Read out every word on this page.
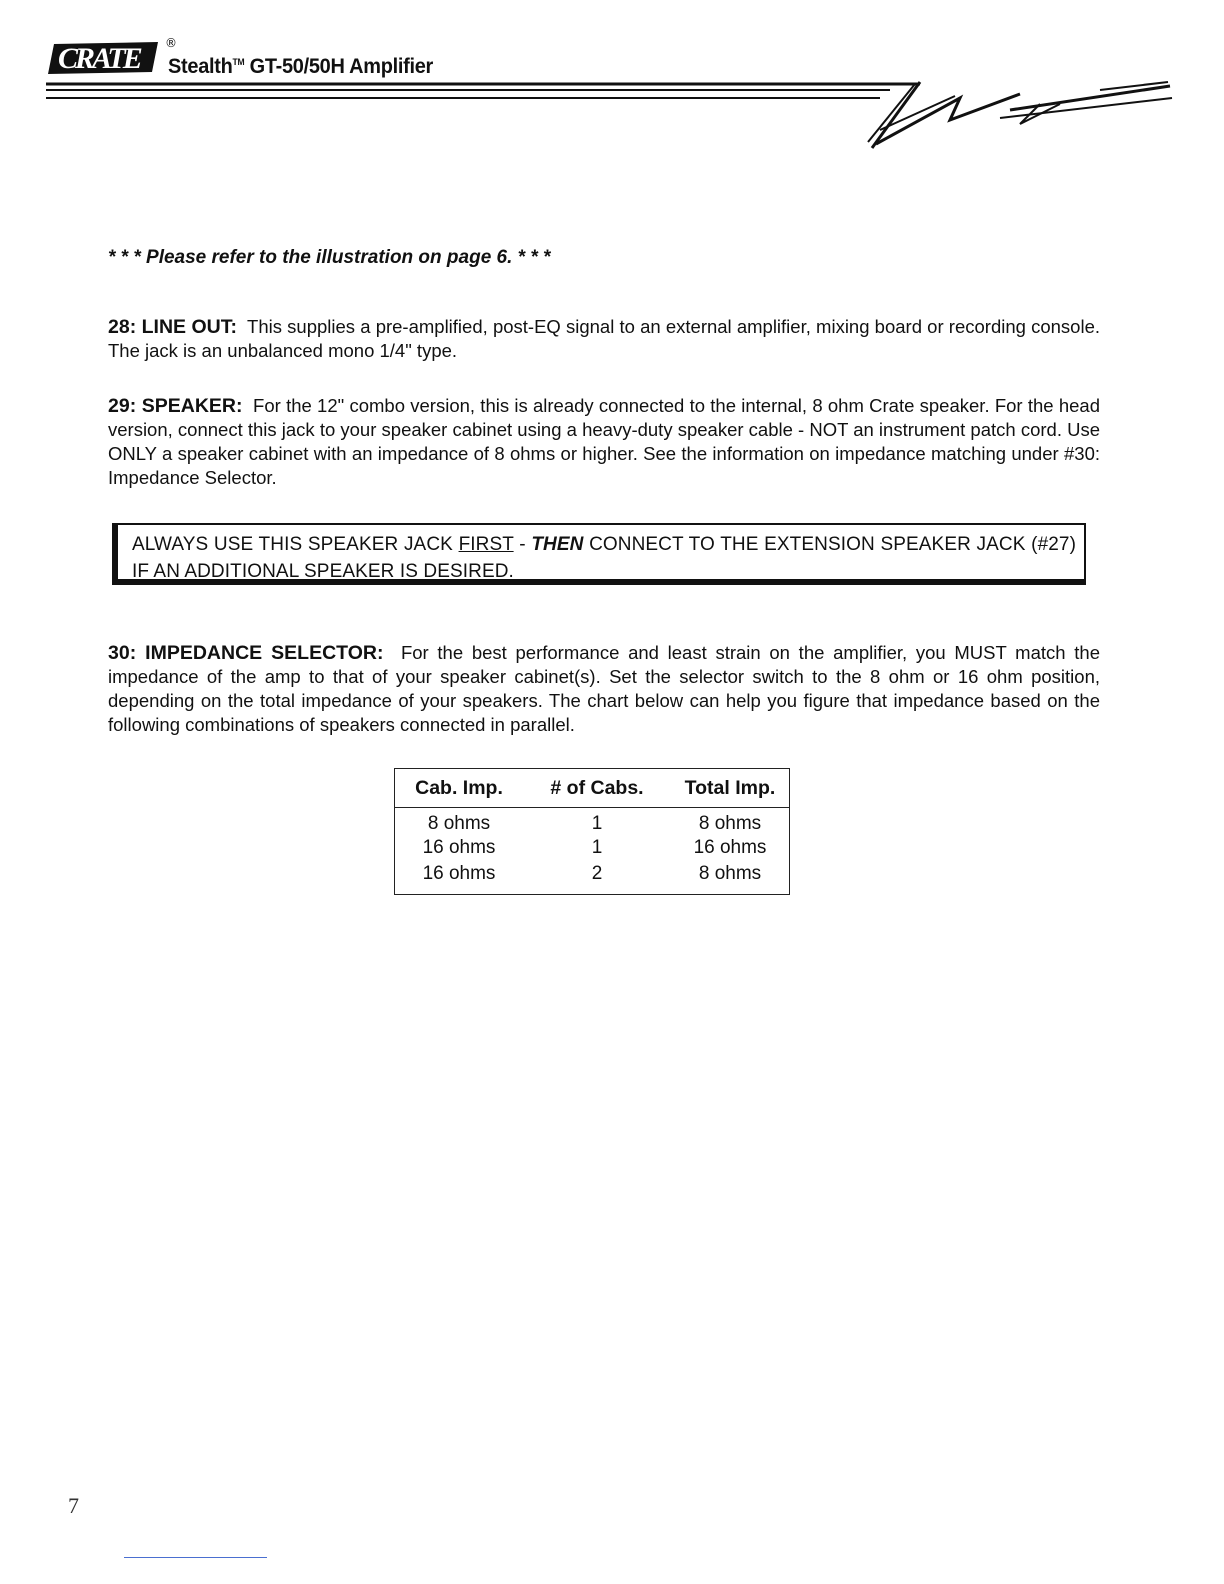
CRATE ®
Stealth™ GT-50/50H Amplifier
* * * Please refer to the illustration on page 6. * * *
28: LINE OUT: This supplies a pre-amplified, post-EQ signal to an external amplifier, mixing board or recording console. The jack is an unbalanced mono 1/4" type.
29: SPEAKER: For the 12" combo version, this is already connected to the internal, 8 ohm Crate speaker. For the head version, connect this jack to your speaker cabinet using a heavy-duty speaker cable - NOT an instrument patch cord. Use ONLY a speaker cabinet with an impedance of 8 ohms or higher. See the information on impedance matching under #30: Impedance Selector.
ALWAYS USE THIS SPEAKER JACK FIRST - THEN CONNECT TO THE EXTENSION SPEAKER JACK (#27) IF AN ADDITIONAL SPEAKER IS DESIRED.
30: IMPEDANCE SELECTOR: For the best performance and least strain on the amplifier, you MUST match the impedance of the amp to that of your speaker cabinet(s). Set the selector switch to the 8 ohm or 16 ohm position, depending on the total impedance of your speakers. The chart below can help you figure that impedance based on the following combinations of speakers connected in parallel.
Cab. Imp.	# of Cabs.	Total Imp.
8 ohms	1	8 ohms
16 ohms	1	16 ohms
16 ohms	2	8 ohms
7
